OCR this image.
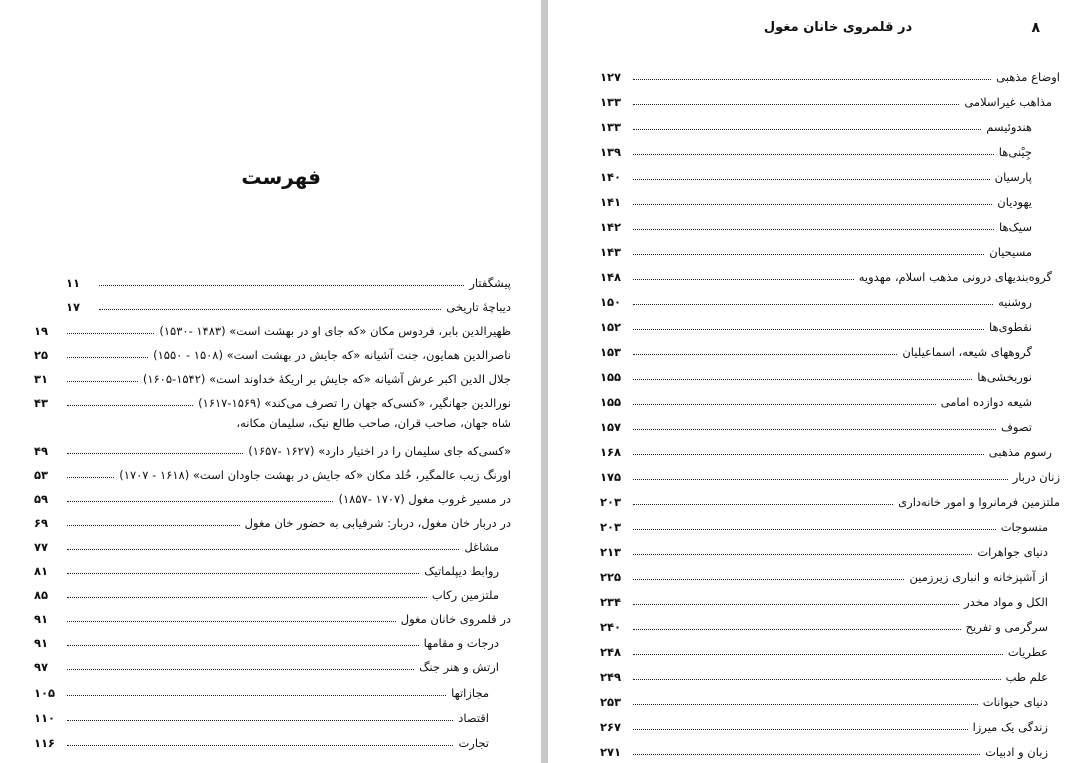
فهرست
پیشگفتار
۱۱
دیباچهٔ تاریخی
۱۷
ظهیرالدین بابر، فردوس مکان «که جای او در بهشت است» (۱۴۸۳ -۱۵۳۰)
۱۹
ناصرالدین همایون، جنت آشیانه «که جایش در بهشت است» (۱۵۰۸ - ۱۵۵۰)
۲۵
جلال الدین اکبر عرش آشیانه «که جایش بر اریکهٔ خداوند است» (۱۵۴۲-۱۶۰۵)
۳۱
نورالدین جهانگیر، «کسی‌که جهان را تصرف می‌کند» (۱۵۶۹-۱۶۱۷)
۴۳
شاه جهان، صاحب قران، صاحب طالع نیک، سلیمان مکانه،
«کسی‌که جای سلیمان را در اختیار دارد» (۱۶۲۷ -۱۶۵۷)
۴۹
اورنگ زیب عالمگیر، خُلد مکان «که جایش در بهشت جاودان است» (۱۶۱۸ - ۱۷۰۷)
۵۳
در مسیر غروب مغول (۱۷۰۷ -۱۸۵۷)
۵۹
در دربار خان مغول، دربار: شرفیابی به حضور خان مغول
۶۹
مشاغل
۷۷
روابط دیپلماتیک
۸۱
ملتزمین رکاب
۸۵
در قلمروی خانان مغول
۹۱
درجات و مقامها
۹۱
ارتش و هنر جنگ
۹۷
مجازاتها
۱۰۵
اقتصاد
۱۱۰
تجارت
۱۱۶
۸
در قلمروی خانان مغول
اوضاع مذهبی
۱۲۷
مذاهب غیراسلامی
۱۳۳
هندوئیسم
۱۳۳
جِیْنی‌ها
۱۳۹
پارسیان
۱۴۰
یهودیان
۱۴۱
سیک‌ها
۱۴۲
مسیحیان
۱۴۳
گروه‌بندیهای درونی مذهب اسلام، مهدویه
۱۴۸
روشنیه
۱۵۰
نقطوی‌ها
۱۵۲
گروههای شیعه، اسماعیلیان
۱۵۳
نوربخشی‌ها
۱۵۵
شیعه دوازده امامی
۱۵۵
تصوف
۱۵۷
رسوم مذهبی
۱۶۸
زنان دربار
۱۷۵
ملتزمین فرمانروا و امور خانه‌داری
۲۰۳
منسوجات
۲۰۳
دنیای جواهرات
۲۱۳
از آشپزخانه و انباری زیرزمین
۲۲۵
الکل و مواد مخدر
۲۳۴
سرگرمی و تفریح
۲۴۰
عطریات
۲۴۸
علم طب
۲۴۹
دنیای حیوانات
۲۵۳
زندگی یک میرزا
۲۶۷
زبان و ادبیات
۲۷۱
